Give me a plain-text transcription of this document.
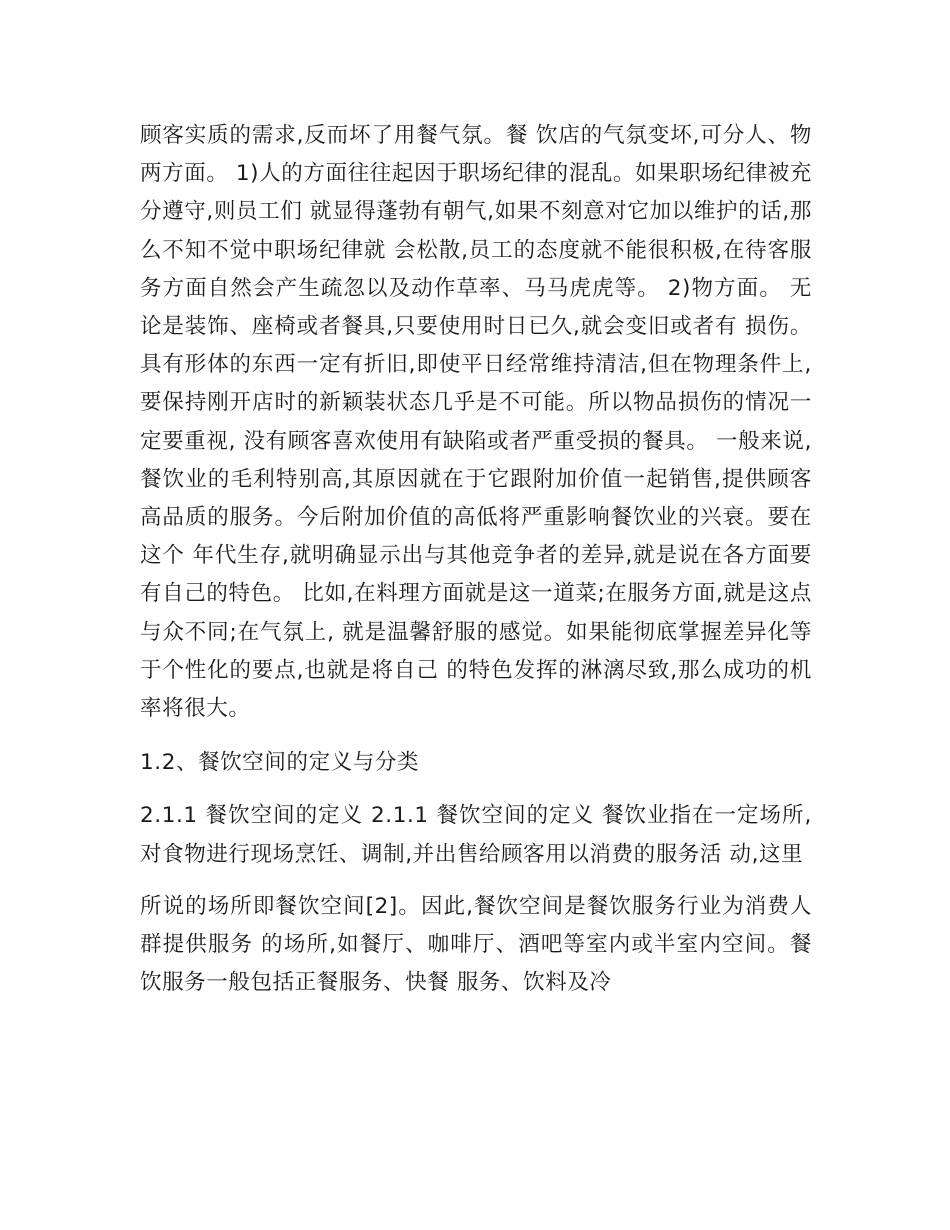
顾客实质的需求,反而坏了用餐气氛。餐 饮店的气氛变坏,可分人、物两方面。 1)人的方面往往起因于职场纪律的混乱。如果职场纪律被充分遵守,则员工们 就显得蓬勃有朝气,如果不刻意对它加以维护的话,那么不知不觉中职场纪律就 会松散,员工的态度就不能很积极,在待客服务方面自然会产生疏忽以及动作草率、马马虎虎等。 2)物方面。 无论是装饰、座椅或者餐具,只要使用时日已久,就会变旧或者有 损伤。具有形体的东西一定有折旧,即使平日经常维持清洁,但在物理条件上, 要保持刚开店时的新颖装状态几乎是不可能。所以物品损伤的情况一定要重视, 没有顾客喜欢使用有缺陷或者严重受损的餐具。 一般来说,餐饮业的毛利特别高,其原因就在于它跟附加价值一起销售,提供顾客高品质的服务。今后附加价值的高低将严重影响餐饮业的兴衰。要在这个 年代生存,就明确显示出与其他竞争者的差异,就是说在各方面要有自己的特色。 比如,在料理方面就是这一道菜;在服务方面,就是这点与众不同;在气氛上, 就是温馨舒服的感觉。如果能彻底掌握差异化等于个性化的要点,也就是将自己 的特色发挥的淋漓尽致,那么成功的机率将很大。

1.2、餐饮空间的定义与分类

2.1.1 餐饮空间的定义 2.1.1 餐饮空间的定义 餐饮业指在一定场所,对食物进行现场烹饪、调制,并出售给顾客用以消费的服务活 动,这里

所说的场所即餐饮空间[2]。因此,餐饮空间是餐饮服务行业为消费人群提供服务 的场所,如餐厅、咖啡厅、酒吧等室内或半室内空间。餐饮服务一般包括正餐服务、快餐 服务、饮料及冷
